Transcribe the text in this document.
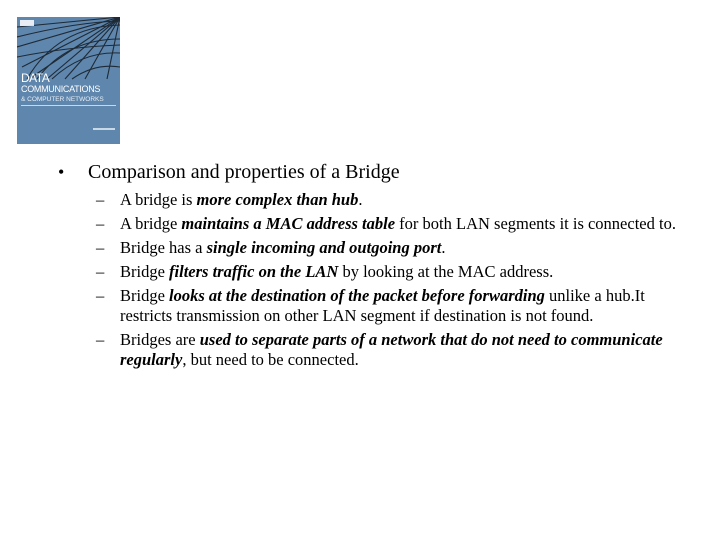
DATA
COMMUNICATIONS
& COMPUTER NETWORKS
•	Comparison and properties of a Bridge
– A bridge is more complex than hub.
– A bridge maintains a MAC address table for both LAN segments it is connected to.
– Bridge has a single incoming and outgoing port.
– Bridge filters traffic on the LAN by looking at the MAC address.
– Bridge looks at the destination of the packet before forwarding unlike a hub.It restricts transmission on other LAN segment if destination is not found.
– Bridges are used to separate parts of a network that do not need to communicate regularly, but need to be connected.
